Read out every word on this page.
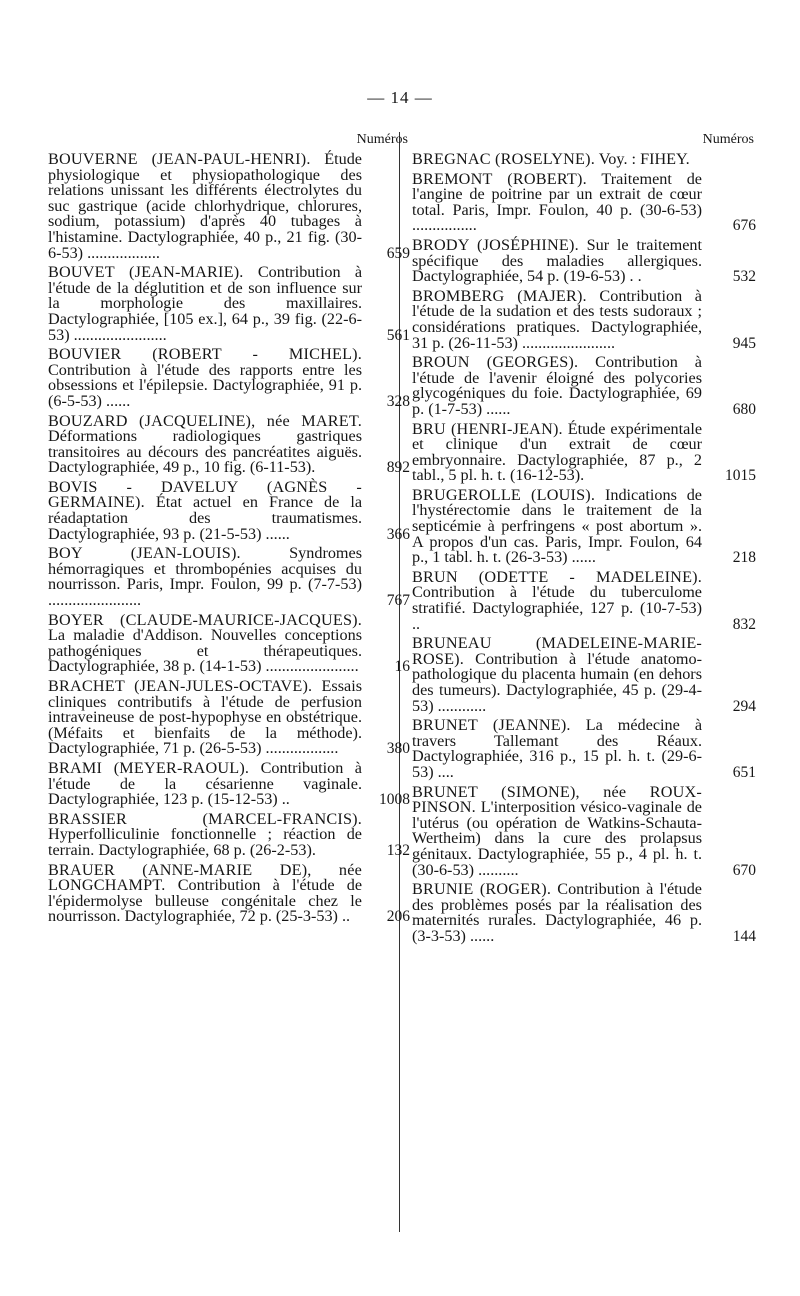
— 14 —
Numéros
BOUVERNE (JEAN-PAUL-HENRI). Étude physiologique et physiopathologique des relations unissant les différents électrolytes du suc gastrique (acide chlorhydrique, chlorures, sodium, potassium) d'après 40 tubages à l'histamine. Dactylographiée, 40 p., 21 fig. (30-6-53) ..................	659
BOUVET (JEAN-MARIE). Contribution à l'étude de la déglutition et de son influence sur la morphologie des maxillaires. Dactylographiée, [105 ex.], 64 p., 39 fig. (22-6-53) .......................	561
BOUVIER (ROBERT - MICHEL). Contribution à l'étude des rapports entre les obsessions et l'épilepsie. Dactylographiée, 91 p. (6-5-53) ......	328
BOUZARD (JACQUELINE), née MARET. Déformations radiologiques gastriques transitoires au décours des pancréatites aiguës. Dactylographiée, 49 p., 10 fig. (6-11-53).	892
BOVIS - DAVELUY (AGNÈS - GERMAINE). État actuel en France de la réadaptation des traumatismes. Dactylographiée, 93 p. (21-5-53) ......	366
BOY (JEAN-LOUIS).	Syndromes hémorragiques et thrombopénies acquises du nourrisson. Paris, Impr. Foulon, 99 p. (7-7-53) .......................	767
BOYER (CLAUDE-MAURICE-JACQUES). La maladie d'Addison. Nouvelles conceptions pathogéniques et thérapeutiques. Dactylographiée, 38 p. (14-1-53) ....................... 16
BRACHET (JEAN-JULES-OCTAVE). Essais cliniques contributifs à l'étude de perfusion intraveineuse de post-hypophyse en obstétrique. (Méfaits et bienfaits de la méthode). Dactylographiée, 71 p. (26-5-53) ..................	380
BRAMI (MEYER-RAOUL). Contribution à l'étude de la césarienne vaginale. Dactylographiée, 123 p. (15-12-53) ..	1008
BRASSIER (MARCEL-FRANCIS). Hyperfolliculinie fonctionnelle ; réaction de terrain. Dactylographiée, 68 p. (26-2-53).	132
BRAUER (ANNE-MARIE DE), née LONGCHAMPT. Contribution à l'étude de l'épidermolyse bulleuse congénitale chez le nourrisson. Dactylographiée, 72 p. (25-3-53) .. 206
Numéros
BREGNAC (ROSELYNE). Voy. : FIHEY.
BREMONT (ROBERT). Traitement de l'angine de poitrine par un extrait de cœur total. Paris, Impr. Foulon, 40 p. (30-6-53) ................	676
BRODY (JOSÉPHINE). Sur le traitement spécifique des maladies allergiques. Dactylographiée, 54 p. (19-6-53) . .	532
BROMBERG (MAJER). Contribution à l'étude de la sudation et des tests sudoraux ; considérations pratiques. Dactylographiée, 31 p. (26-11-53) .......................	945
BROUN (GEORGES). Contribution à l'étude de l'avenir éloigné des polycories glycogéniques du foie. Dactylographiée, 69 p. (1-7-53) ......	680
BRU (HENRI-JEAN). Étude expérimentale et clinique d'un extrait de cœur embryonnaire. Dactylographiée, 87 p., 2 tabl., 5 pl. h. t. (16-12-53).	1015
BRUGEROLLE (LOUIS). Indications de l'hystérectomie dans le traitement de la septicémie à perfringens « post abortum ». A propos d'un cas. Paris, Impr. Foulon, 64 p., 1 tabl. h. t. (26-3-53) ......	218
BRUN (ODETTE - MADELEINE). Contribution à l'étude du tuberculome stratifié. Dactylographiée, 127 p. (10-7-53) ..	832
BRUNEAU (MADELEINE-MARIE-ROSE). Contribution à l'étude anatomo-pathologique du placenta humain (en dehors des tumeurs). Dactylographiée, 45 p. (29-4-53) ............	294
BRUNET (JEANNE). La médecine à travers Tallemant des Réaux. Dactylographiée, 316 p., 15 pl. h. t. (29-6-53) ....	651
BRUNET (SIMONE), née ROUX-PINSON. L'interposition vésico-vaginale de l'utérus (ou opération de Watkins-Schauta-Wertheim) dans la cure des prolapsus génitaux. Dactylographiée, 55 p., 4 pl. h. t. (30-6-53) ..........	670
BRUNIE (ROGER). Contribution à l'étude des problèmes posés par la réalisation des maternités rurales. Dactylographiée, 46 p. (3-3-53) ......	144
